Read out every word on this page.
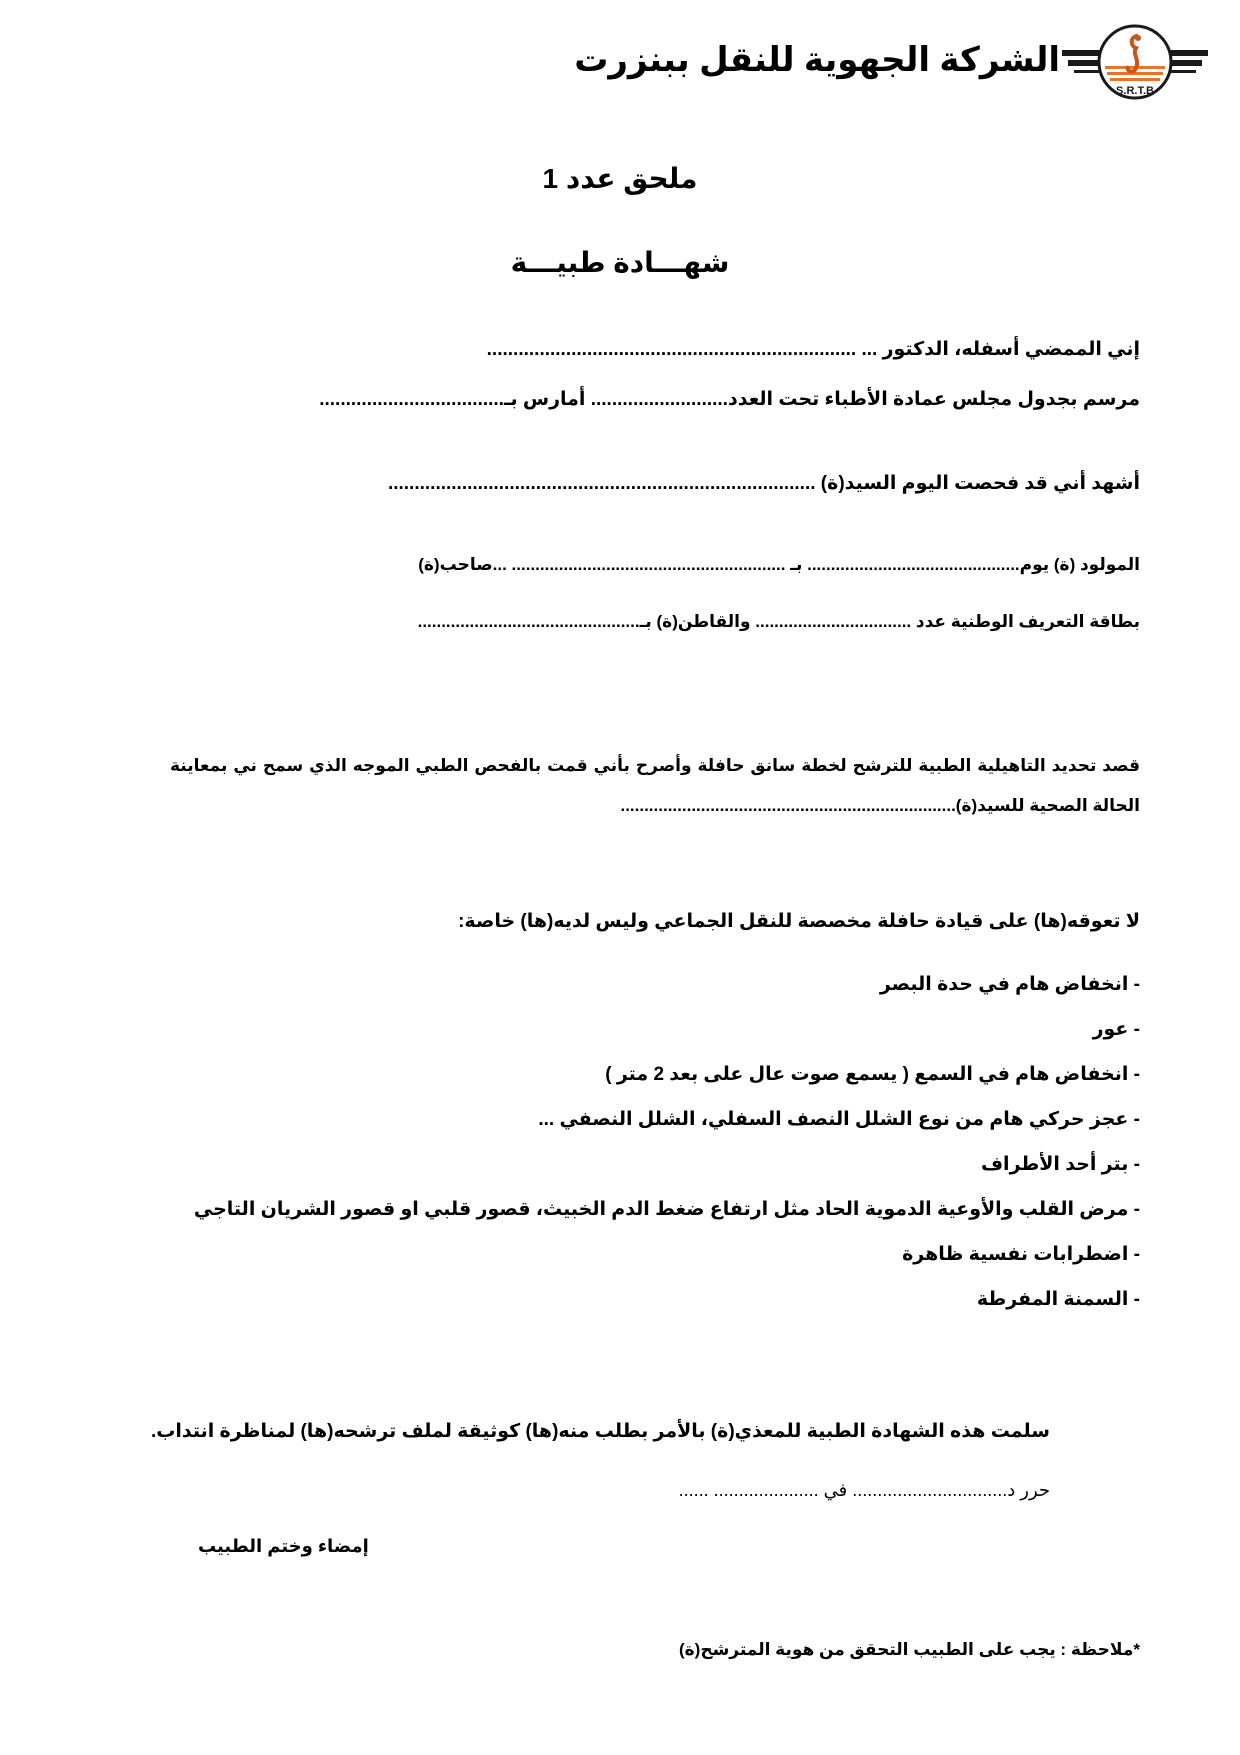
S.R.T.B
الشركة الجهوية للنقل ببنزرت
ملحق عدد 1
شهـــادة طبيـــة
إني الممضي أسفله، الدكتور ... ......................................................................
مرسم بجدول مجلس عمادة الأطباء تحت العدد.......................... أمارس بـ...................................
أشهد أني قد فحصت اليوم السيد(ة) .................................................................................
المولود (ة) يوم............................................. بـ .......................................................... ...صاحب(ة)
بطاقة التعريف الوطنية عدد ................................. والقاطن(ة) بـ...............................................
قصد تحديد التاهيلية الطبية للترشح لخطة سانق حافلة وأصرح بأني قمت بالفحص الطبي الموجه الذي سمح ني بمعاينة الحالة الصحية للسيد(ة).......................................................................
لا تعوقه(ها) على قيادة حافلة مخصصة للنقل الجماعي وليس لديه(ها) خاصة:
- انخفاض هام في حدة البصر
- عور
- انخفاض هام في السمع ( يسمع صوت عال على بعد 2 متر )
- عجز حركي هام من نوع الشلل النصف السفلي، الشلل النصفي ...
- بتر أحد الأطراف
- مرض القلب والأوعية الدموية الحاد مثل ارتفاع ضغط الدم الخبيث، قصور قلبي او قصور الشريان التاجي
- اضطرابات نفسية ظاهرة
- السمنة المفرطة
سلمت هذه الشهادة الطبية للمعذي(ة) بالأمر بطلب منه(ها) كوثيقة لملف ترشحه(ها) لمناظرة انتداب.
حرر د............................... في ..................... ......
إمضاء وختم الطبيب
*ملاحظة : يجب على الطبيب التحقق من هوية المترشح(ة)
